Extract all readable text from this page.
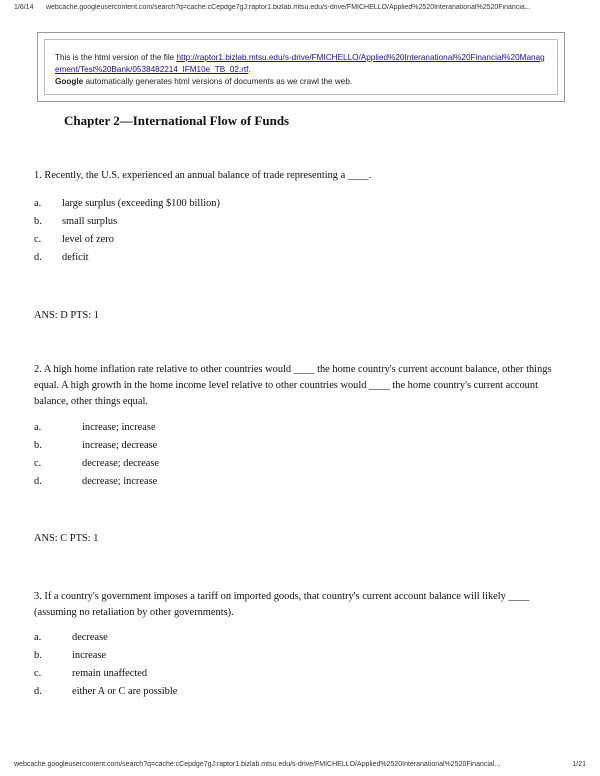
1/6/14 webcache.googleusercontent.com/search?q=cache:cCepdge7gJ:raptor1.bizlab.mtsu.edu/s-drive/FMICHELLO/Applied%2520Interanational%2520Financia...
This is the html version of the file http://raptor1.bizlab.mtsu.edu/s-drive/FMICHELLO/Applied%20Interanational%20Financial%20Management/Test%20Bank/0538482214_IFM10e_TB_02.rtf.
Google automatically generates html versions of documents as we crawl the web.
Chapter 2—International Flow of Funds
1. Recently, the U.S. experienced an annual balance of trade representing a ____.
a. large surplus (exceeding $100 billion)
b. small surplus
c. level of zero
d. deficit
ANS: D PTS: 1
2. A high home inflation rate relative to other countries would ____ the home country's current account balance, other things equal. A high growth in the home income level relative to other countries would ____ the home country's current account balance, other things equal.
a.	increase; increase
b.	increase; decrease
c.	decrease; decrease
d.	decrease; increase
ANS: C PTS: 1
3. If a country's government imposes a tariff on imported goods, that country's current account balance will likely ____ (assuming no retaliation by other governments).
a.	decrease
b.	increase
c.	remain unaffected
d.	either A or C are possible
webcache.googleusercontent.com/search?q=cache:cCepdge7gJ:raptor1.bizlab.mtsu.edu/s-drive/FMICHELLO/Applied%2520Interanational%2520Financial...	1/21
